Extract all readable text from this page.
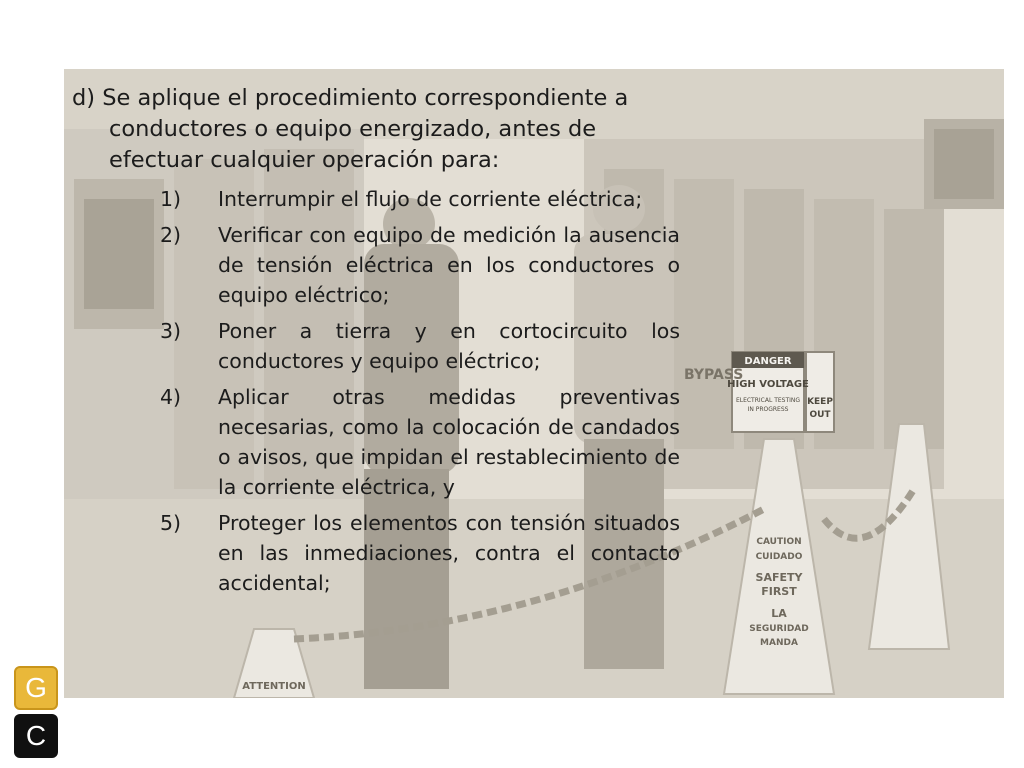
BYPASS
DANGER
HIGH VOLTAGE
ELECTRICAL TESTING
IN PROGRESS
KEEP
OUT
CAUTION
CUIDADO
SAFETY
FIRST
LA
SEGURIDAD
MANDA
ATTENTION

d) Se aplique el procedimiento correspondiente a conductores o equipo energizado, antes de efectuar cualquier operación para:

1) Interrumpir el flujo de corriente eléctrica;
2) Verificar con equipo de medición la ausencia de tensión eléctrica en los conductores o equipo eléctrico;
3) Poner a tierra y en cortocircuito los conductores y equipo eléctrico;
4) Aplicar otras medidas preventivas necesarias, como la colocación de candados o avisos, que impidan el restablecimiento de la corriente eléctrica, y
5) Proteger los elementos con tensión situados en las inmediaciones, contra el contacto accidental;
G
C
